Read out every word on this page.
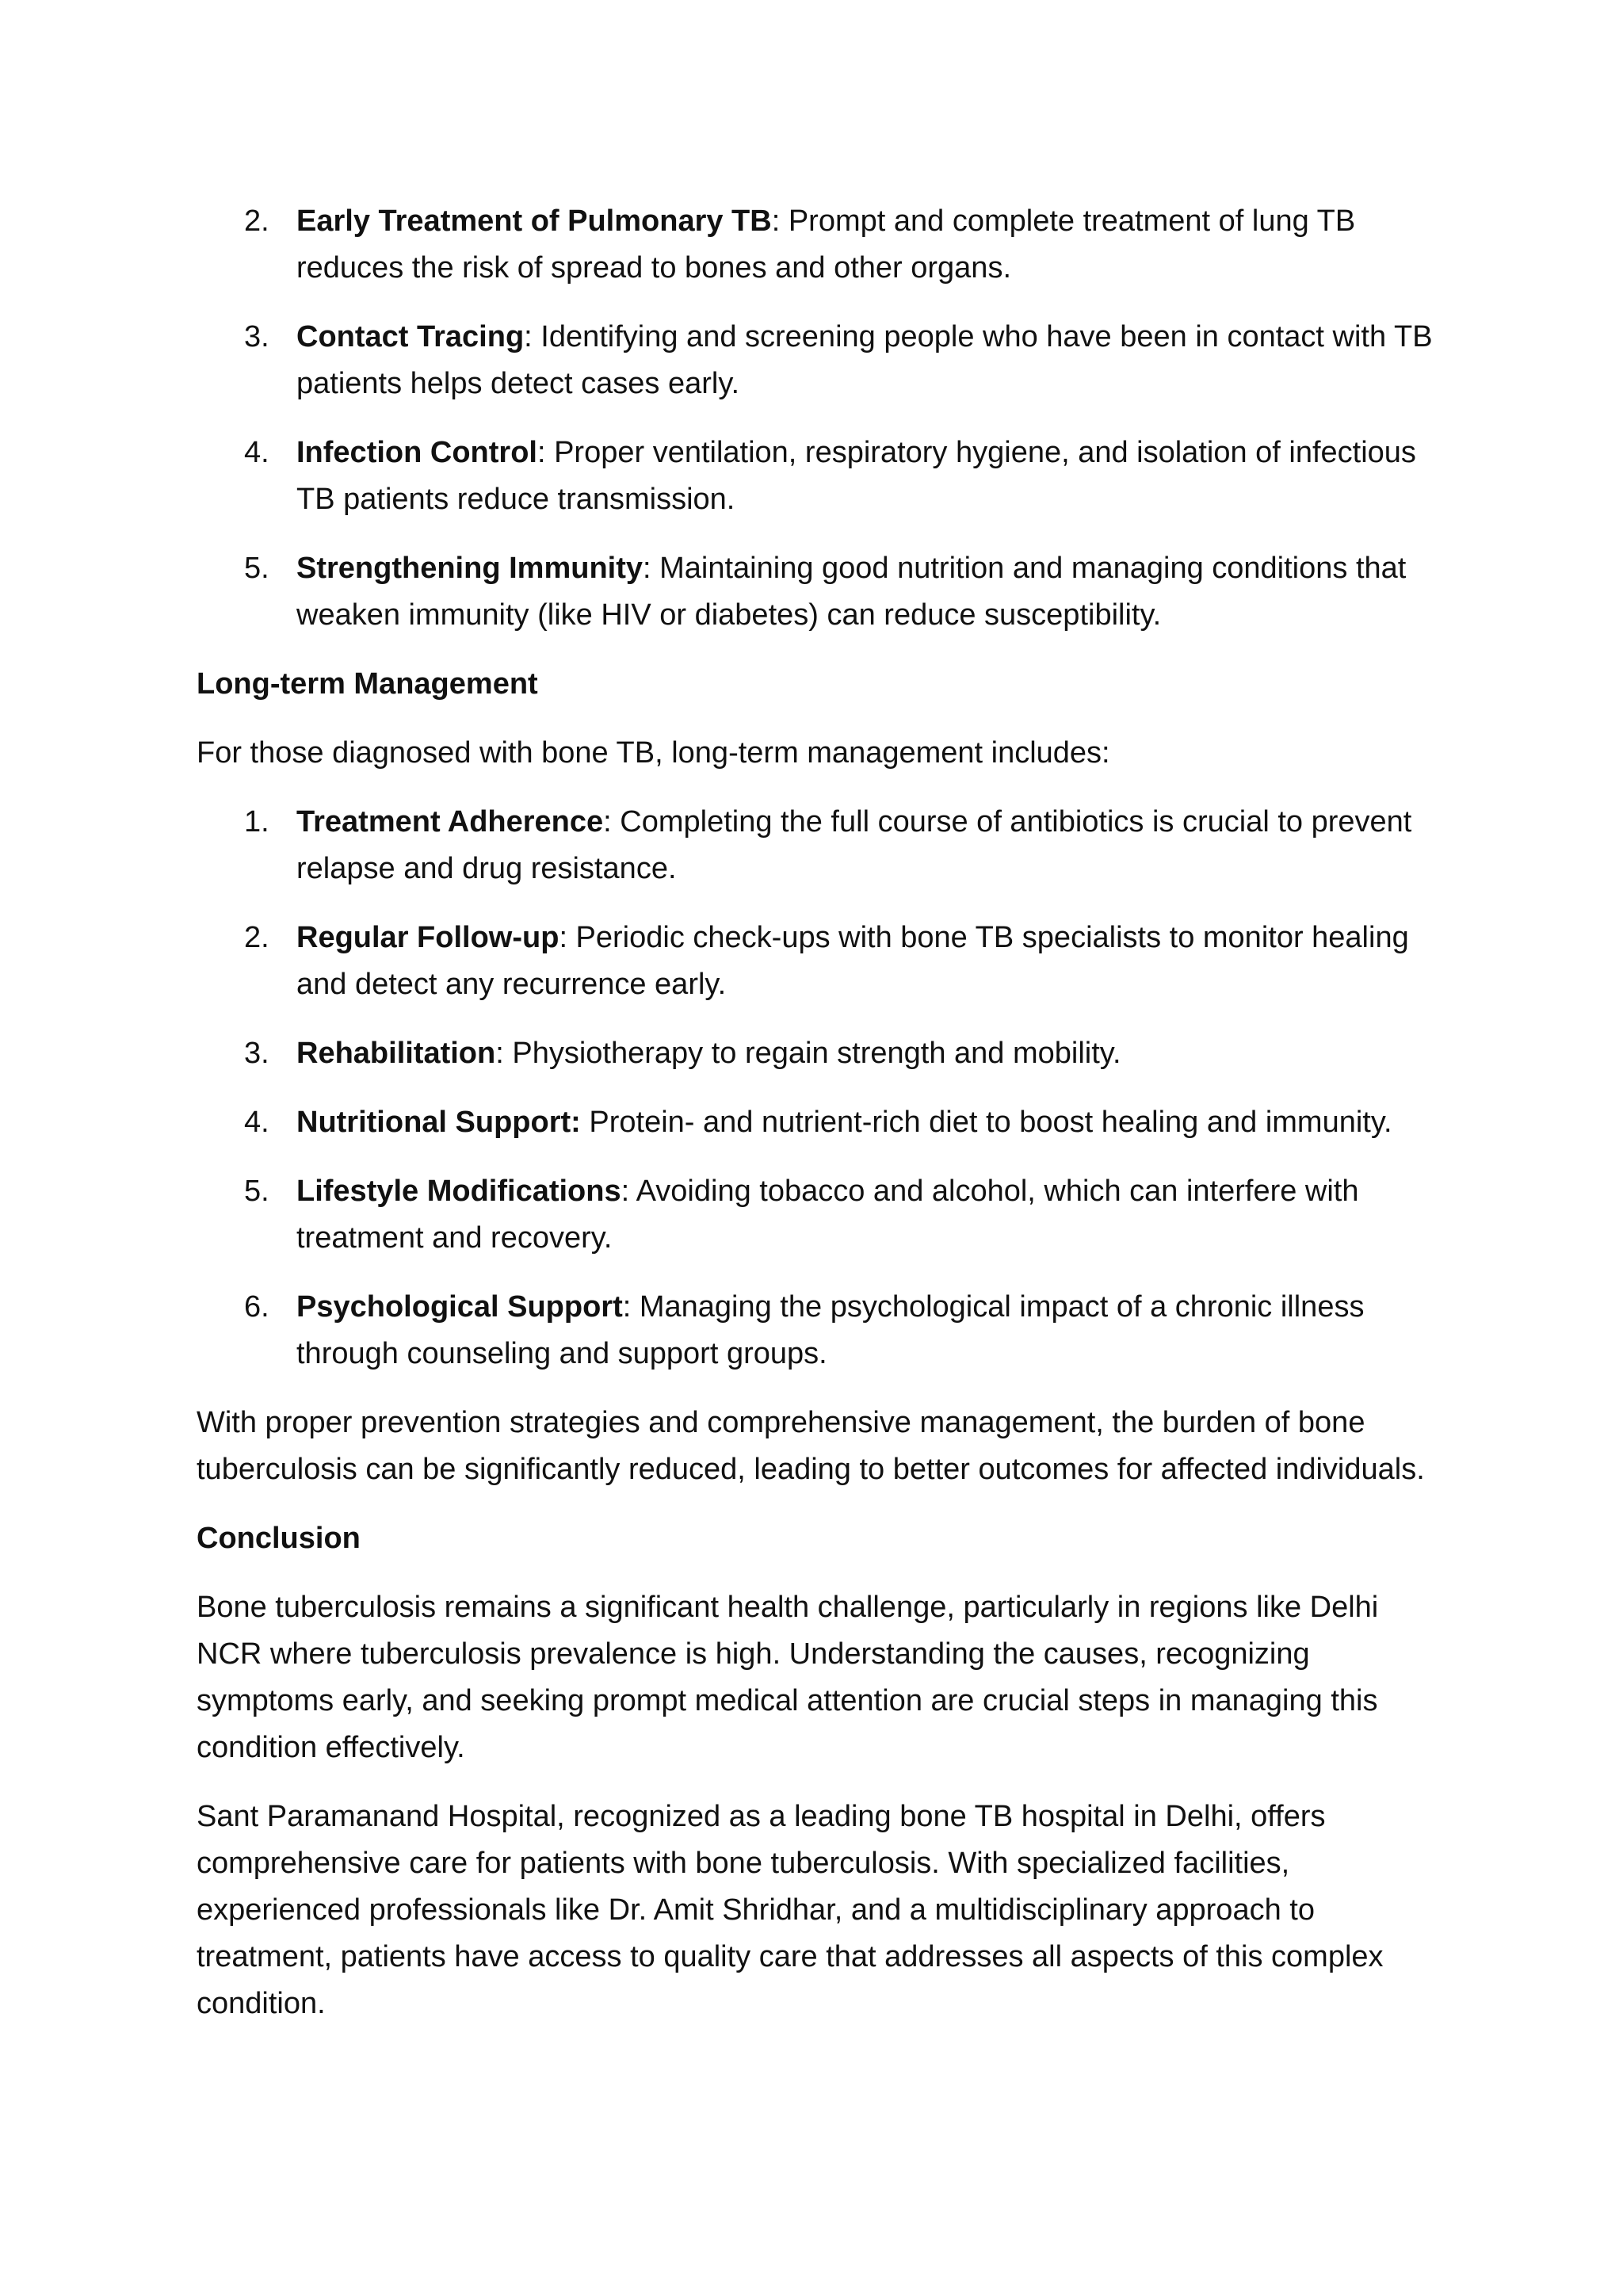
2. Early Treatment of Pulmonary TB: Prompt and complete treatment of lung TB reduces the risk of spread to bones and other organs.
3. Contact Tracing: Identifying and screening people who have been in contact with TB patients helps detect cases early.
4. Infection Control: Proper ventilation, respiratory hygiene, and isolation of infectious TB patients reduce transmission.
5. Strengthening Immunity: Maintaining good nutrition and managing conditions that weaken immunity (like HIV or diabetes) can reduce susceptibility.
Long-term Management

For those diagnosed with bone TB, long-term management includes:

1. Treatment Adherence: Completing the full course of antibiotics is crucial to prevent relapse and drug resistance.
2. Regular Follow-up: Periodic check-ups with bone TB specialists to monitor healing and detect any recurrence early.
3. Rehabilitation: Physiotherapy to regain strength and mobility.
4. Nutritional Support: Protein- and nutrient-rich diet to boost healing and immunity.
5. Lifestyle Modifications: Avoiding tobacco and alcohol, which can interfere with treatment and recovery.
6. Psychological Support: Managing the psychological impact of a chronic illness through counseling and support groups.

With proper prevention strategies and comprehensive management, the burden of bone tuberculosis can be significantly reduced, leading to better outcomes for affected individuals.

Conclusion

Bone tuberculosis remains a significant health challenge, particularly in regions like Delhi NCR where tuberculosis prevalence is high. Understanding the causes, recognizing symptoms early, and seeking prompt medical attention are crucial steps in managing this condition effectively.

Sant Paramanand Hospital, recognized as a leading bone TB hospital in Delhi, offers comprehensive care for patients with bone tuberculosis. With specialized facilities, experienced professionals like Dr. Amit Shridhar, and a multidisciplinary approach to treatment, patients have access to quality care that addresses all aspects of this complex condition.
